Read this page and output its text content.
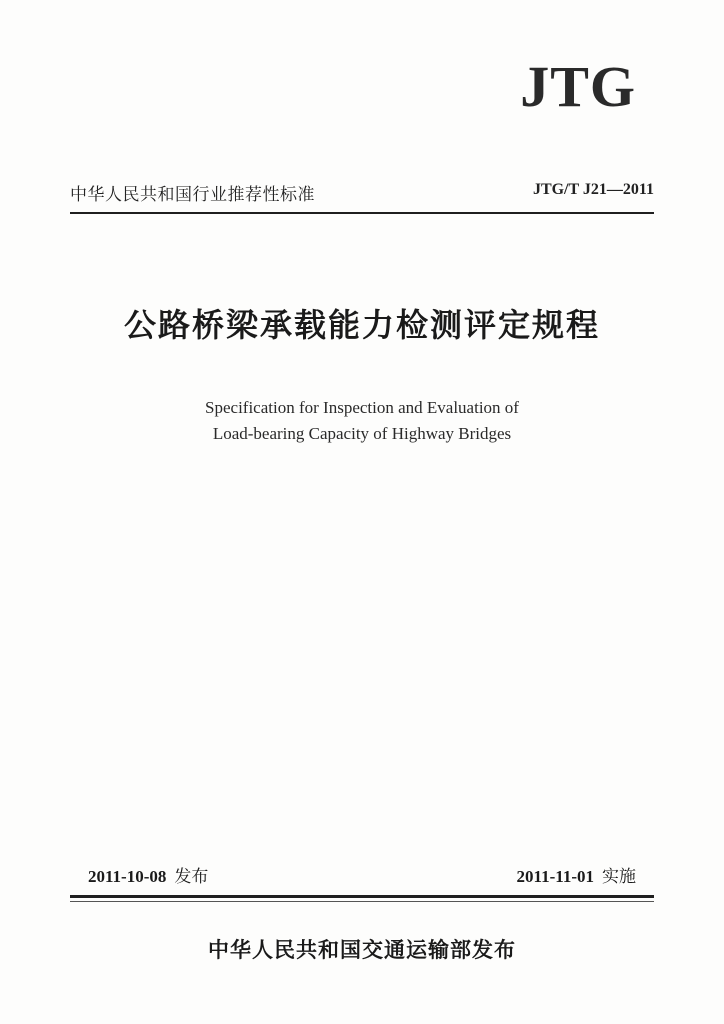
JTG
中华人民共和国行业推荐性标准	JTG/T J21—2011
公路桥梁承载能力检测评定规程
Specification for Inspection and Evaluation of
Load-bearing Capacity of Highway Bridges
2011-10-08 发布	2011-11-01 实施
中华人民共和国交通运输部发布
